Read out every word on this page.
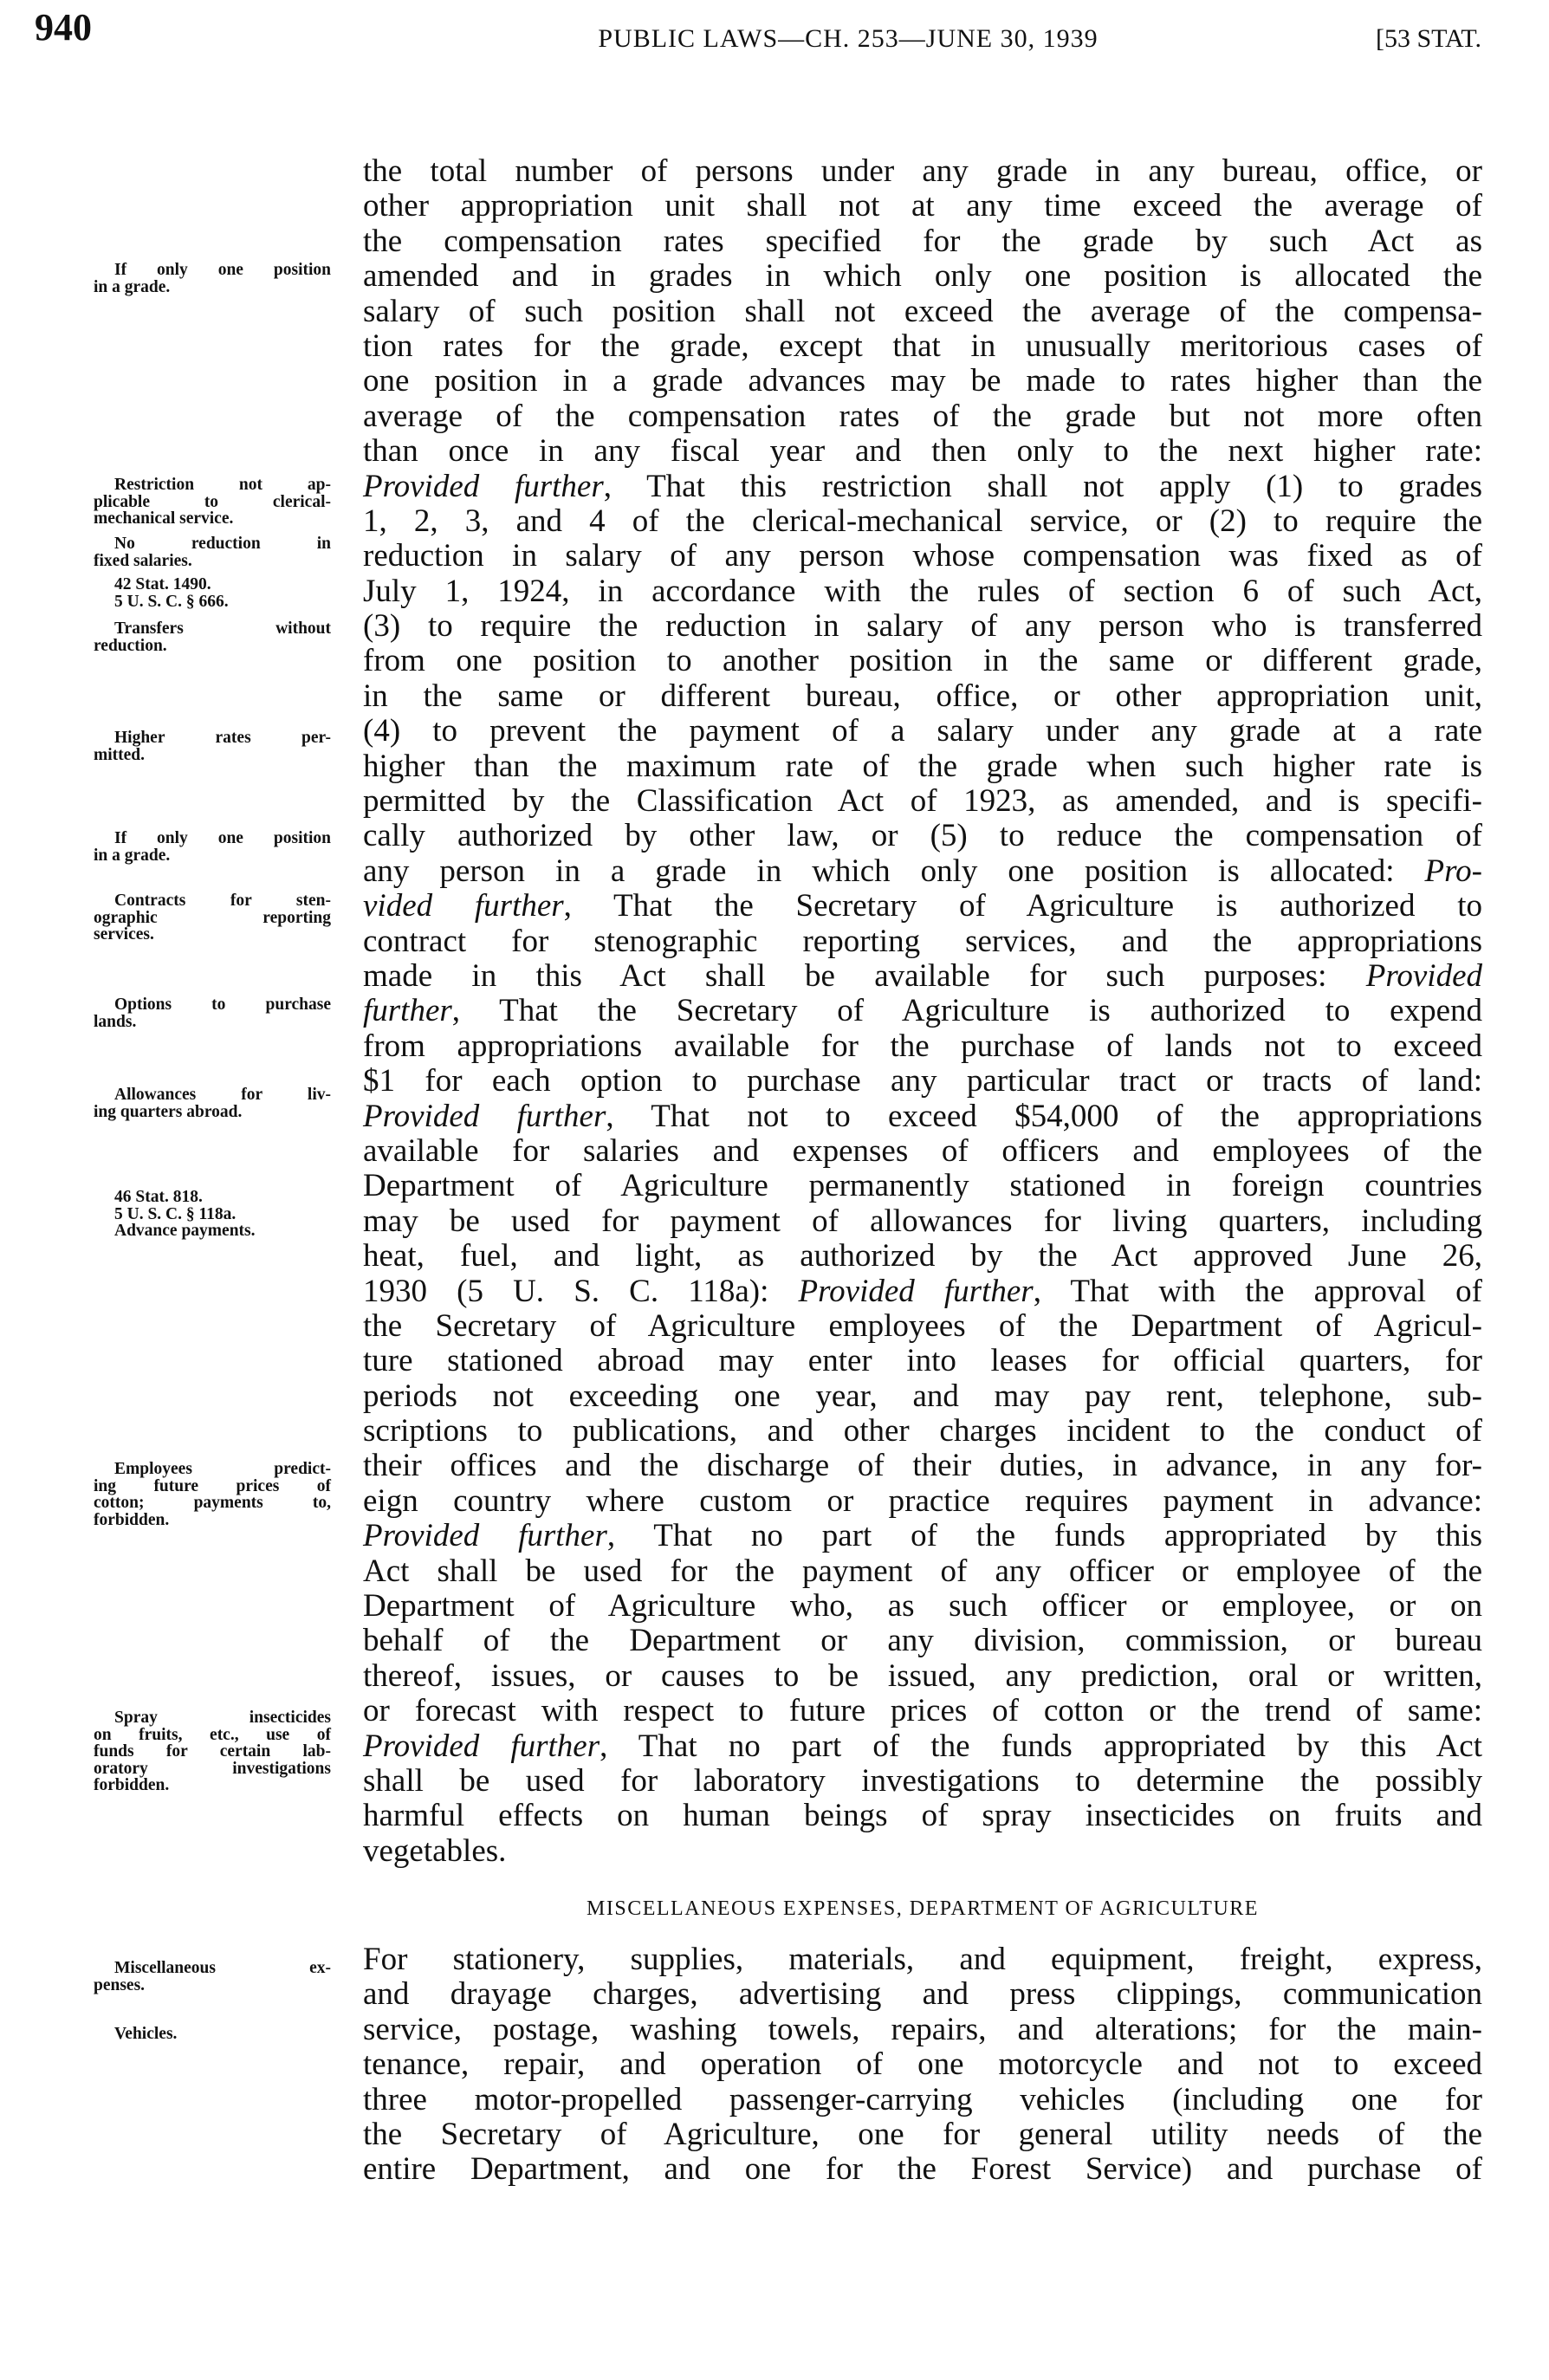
940	PUBLIC LAWS—CH. 253—JUNE 30, 1939	[53 STAT.
the total number of persons under any grade in any bureau, office, or
other appropriation unit shall not at any time exceed the average of
the compensation rates specified for the grade by such Act as
amended and in grades in which only one position is allocated the
salary of such position shall not exceed the average of the compensa-
tion rates for the grade, except that in unusually meritorious cases of
one position in a grade advances may be made to rates higher than the
average of the compensation rates of the grade but not more often
than once in any fiscal year and then only to the next higher rate:
Provided further, That this restriction shall not apply (1) to grades
1, 2, 3, and 4 of the clerical-mechanical service, or (2) to require the
reduction in salary of any person whose compensation was fixed as of
July 1, 1924, in accordance with the rules of section 6 of such Act,
(3) to require the reduction in salary of any person who is transferred
from one position to another position in the same or different grade,
in the same or different bureau, office, or other appropriation unit,
(4) to prevent the payment of a salary under any grade at a rate
higher than the maximum rate of the grade when such higher rate is
permitted by the Classification Act of 1923, as amended, and is specifi-
cally authorized by other law, or (5) to reduce the compensation of
any person in a grade in which only one position is allocated: Pro-
vided further, That the Secretary of Agriculture is authorized to
contract for stenographic reporting services, and the appropriations
made in this Act shall be available for such purposes: Provided
further, That the Secretary of Agriculture is authorized to expend
from appropriations available for the purchase of lands not to exceed
$1 for each option to purchase any particular tract or tracts of land:
Provided further, That not to exceed $54,000 of the appropriations
available for salaries and expenses of officers and employees of the
Department of Agriculture permanently stationed in foreign countries
may be used for payment of allowances for living quarters, including
heat, fuel, and light, as authorized by the Act approved June 26,
1930 (5 U. S. C. 118a): Provided further, That with the approval of
the Secretary of Agriculture employees of the Department of Agricul-
ture stationed abroad may enter into leases for official quarters, for
periods not exceeding one year, and may pay rent, telephone, sub-
scriptions to publications, and other charges incident to the conduct of
their offices and the discharge of their duties, in advance, in any for-
eign country where custom or practice requires payment in advance:
Provided further, That no part of the funds appropriated by this
Act shall be used for the payment of any officer or employee of the
Department of Agriculture who, as such officer or employee, or on
behalf of the Department or any division, commission, or bureau
thereof, issues, or causes to be issued, any prediction, oral or written,
or forecast with respect to future prices of cotton or the trend of same:
Provided further, That no part of the funds appropriated by this Act
shall be used for laboratory investigations to determine the possibly
harmful effects on human beings of spray insecticides on fruits and
vegetables.
MISCELLANEOUS EXPENSES, DEPARTMENT OF AGRICULTURE
For stationery, supplies, materials, and equipment, freight, express,
and drayage charges, advertising and press clippings, communication
service, postage, washing towels, repairs, and alterations; for the main-
tenance, repair, and operation of one motorcycle and not to exceed
three motor-propelled passenger-carrying vehicles (including one for
the Secretary of Agriculture, one for general utility needs of the
entire Department, and one for the Forest Service) and purchase of
If only one position
in a grade.
Restriction not ap-
plicable to clerical-
mechanical service.
No reduction in
fixed salaries.
42 Stat. 1490.
5 U. S. C. § 666.
Transfers without
reduction.
Higher rates per-
mitted.
If only one position
in a grade.
Contracts for sten-
ographic reporting
services.
Options to purchase
lands.
Allowances for liv-
ing quarters abroad.
46 Stat. 818.
5 U. S. C. § 118a.
Advance payments.
Employees predict-
ing future prices of
cotton; payments to,
forbidden.
Spray insecticides
on fruits, etc., use of
funds for certain lab-
oratory investigations
forbidden.
Miscellaneous ex-
penses.
Vehicles.
